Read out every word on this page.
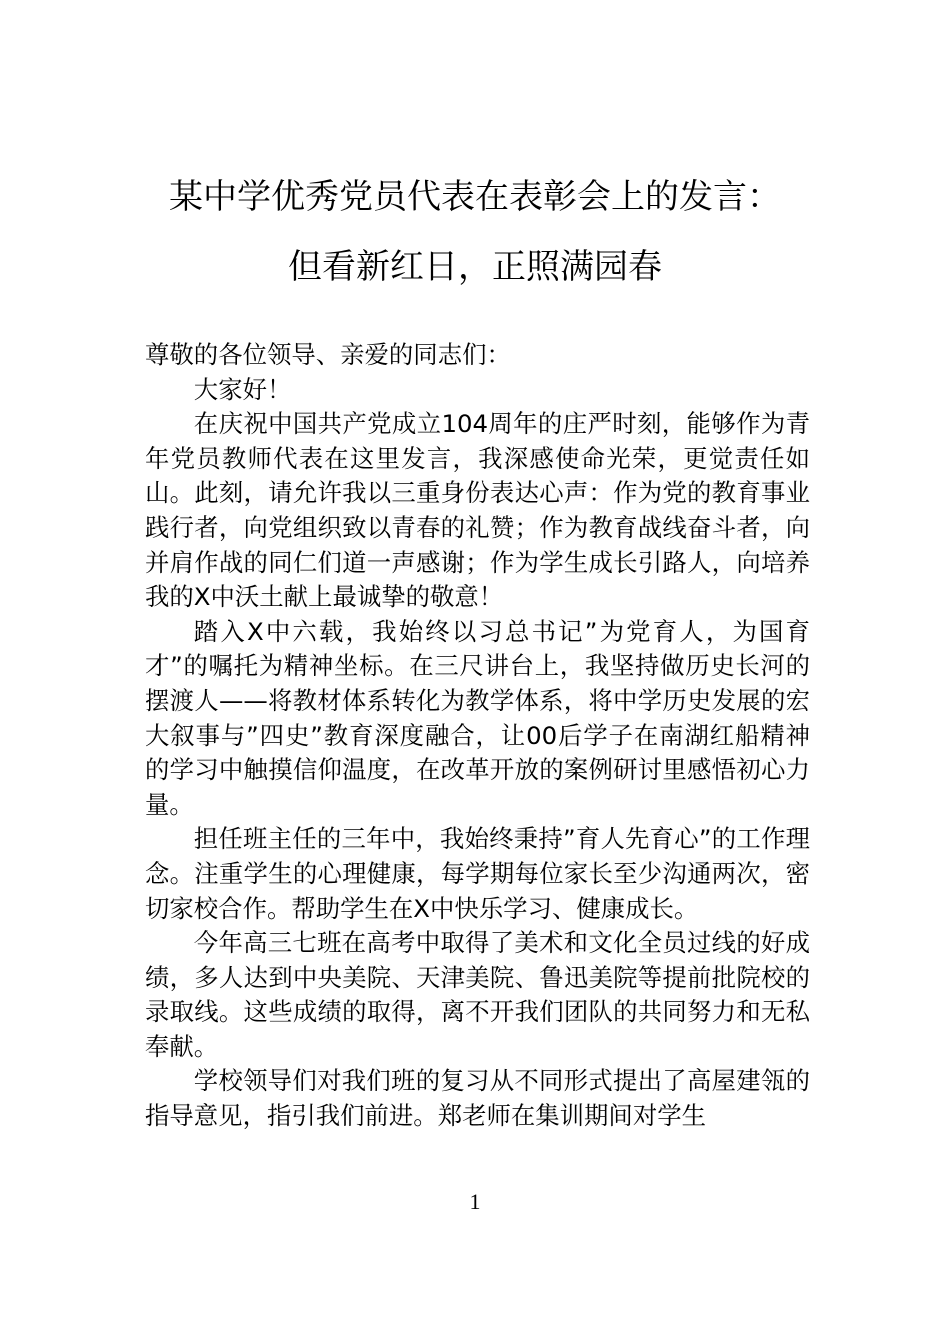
某中学优秀党员代表在表彰会上的发言：
但看新红日，正照满园春

尊敬的各位领导、亲爱的同志们：

大家好！

在庆祝中国共产党成立104周年的庄严时刻，能够作为青年党员教师代表在这里发言，我深感使命光荣，更觉责任如山。此刻，请允许我以三重身份表达心声：作为党的教育事业践行者，向党组织致以青春的礼赞；作为教育战线奋斗者，向并肩作战的同仁们道一声感谢；作为学生成长引路人，向培养我的X中沃土献上最诚挚的敬意！

踏入X中六载，我始终以习总书记”为党育人，为国育才”的嘱托为精神坐标。在三尺讲台上，我坚持做历史长河的摆渡人——将教材体系转化为教学体系，将中学历史发展的宏大叙事与”四史”教育深度融合，让00后学子在南湖红船精神的学习中触摸信仰温度，在改革开放的案例研讨里感悟初心力量。

担任班主任的三年中，我始终秉持”育人先育心”的工作理念。注重学生的心理健康，每学期每位家长至少沟通两次，密切家校合作。帮助学生在X中快乐学习、健康成长。

今年高三七班在高考中取得了美术和文化全员过线的好成绩，多人达到中央美院、天津美院、鲁迅美院等提前批院校的录取线。这些成绩的取得，离不开我们团队的共同努力和无私奉献。

学校领导们对我们班的复习从不同形式提出了高屋建瓴的指导意见，指引我们前进。郑老师在集训期间对学生

1
